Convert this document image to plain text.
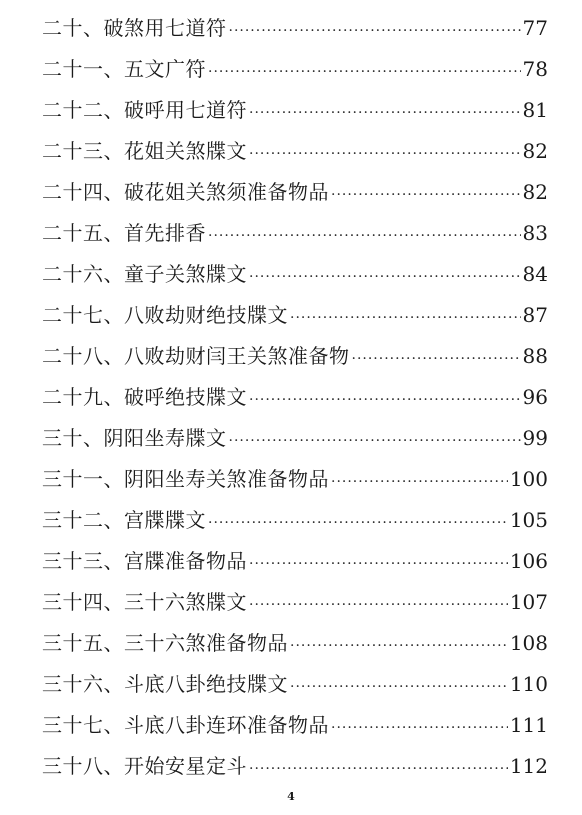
二十、破煞用七道符 ·····	77
二十一、五文广符 ·····	78
二十二、破呼用七道符 ·····	81
二十三、花姐关煞牒文 ·····	82
二十四、破花姐关煞须准备物品 ·····	82
二十五、首先排香 ·····	83
二十六、童子关煞牒文 ·····	84
二十七、八败劫财绝技牒文 ·····	87
二十八、八败劫财闫王关煞准备物 ·····	88
二十九、破呼绝技牒文 ·····	96
三十、阴阳坐寿牒文 ·····	99
三十一、阴阳坐寿关煞准备物品 ·····	100
三十二、宫牒牒文 ·····	105
三十三、宫牒准备物品 ·····	106
三十四、三十六煞牒文 ·····	107
三十五、三十六煞准备物品 ·····	108
三十六、斗底八卦绝技牒文 ·····	110
三十七、斗底八卦连环准备物品 ·····	111
三十八、开始安星定斗 ·····	112
4
